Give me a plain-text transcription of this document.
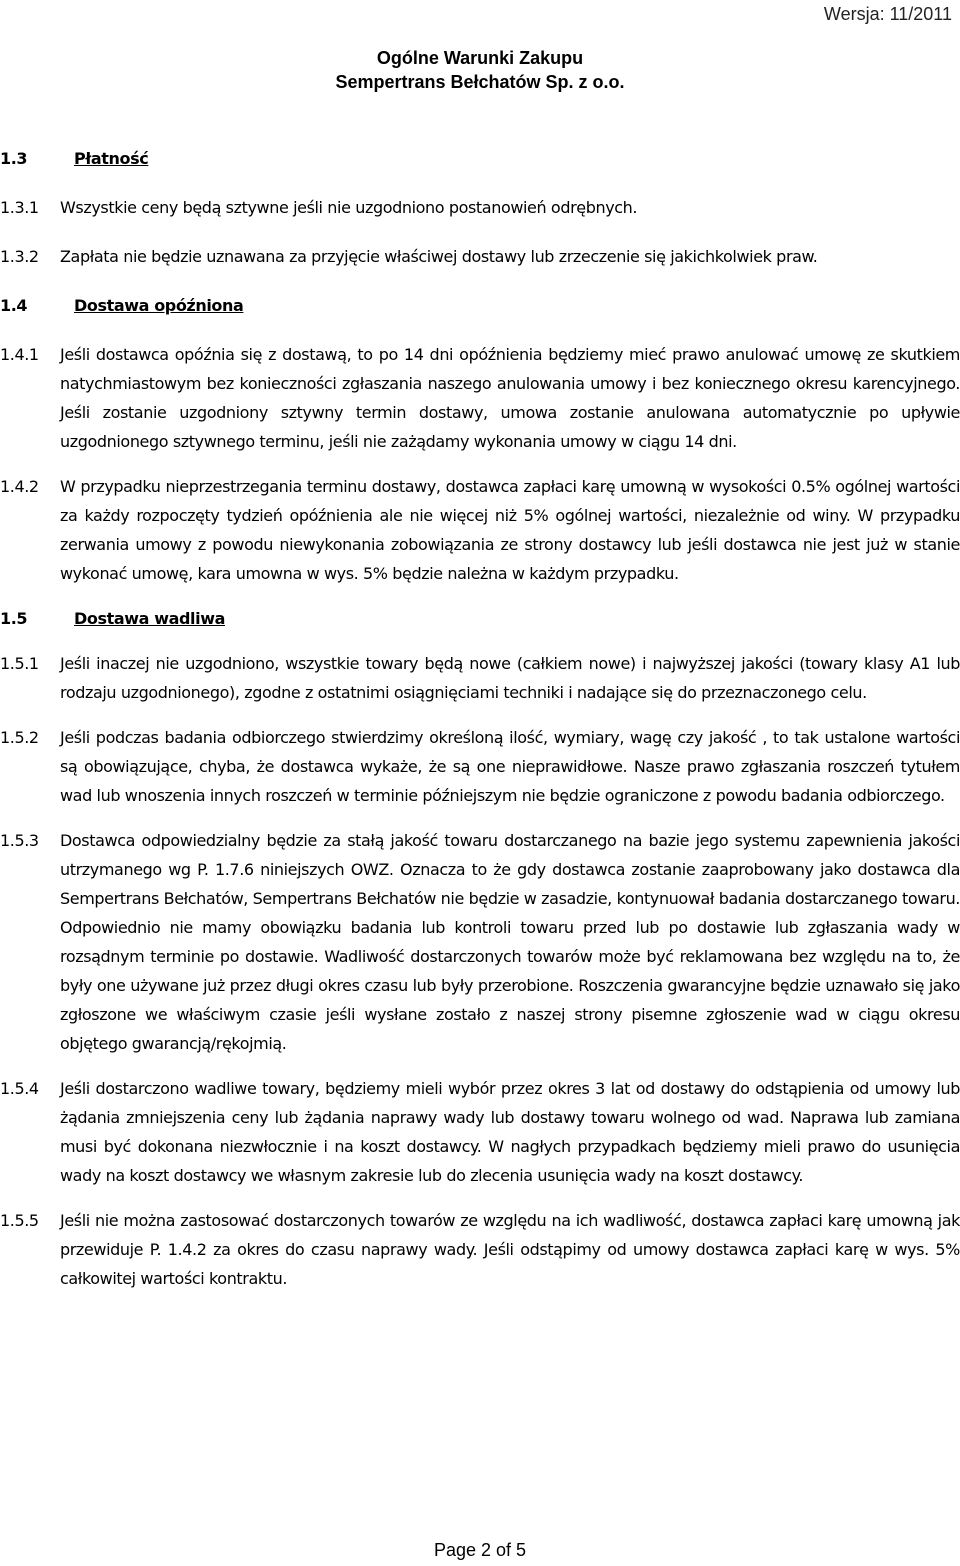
Wersja: 11/2011
Ogólne Warunki Zakupu
Sempertrans Bełchatów Sp. z o.o.
1.3	Płatność
1.3.1 Wszystkie ceny będą sztywne jeśli nie uzgodniono postanowień odrębnych.
1.3.2 Zapłata nie będzie uznawana za przyjęcie właściwej dostawy lub zrzeczenie się jakichkolwiek praw.
1.4	Dostawa opóźniona
1.4.1 Jeśli dostawca opóźnia się z dostawą, to po 14 dni opóźnienia będziemy mieć prawo anulować umowę ze skutkiem natychmiastowym bez konieczności zgłaszania naszego anulowania umowy i bez koniecznego okresu karencyjnego. Jeśli zostanie uzgodniony sztywny termin dostawy, umowa zostanie anulowana automatycznie po upływie uzgodnionego sztywnego terminu, jeśli nie zażądamy wykonania umowy w ciągu 14 dni.
1.4.2 W przypadku nieprzestrzegania terminu dostawy, dostawca zapłaci karę umowną w wysokości 0.5% ogólnej wartości za każdy rozpoczęty tydzień opóźnienia ale nie więcej niż 5% ogólnej wartości, niezależnie od winy. W przypadku zerwania umowy z powodu niewykonania zobowiązania ze strony dostawcy lub jeśli dostawca nie jest już w stanie wykonać umowę, kara umowna w wys. 5% będzie należna w każdym przypadku.
1.5	Dostawa wadliwa
1.5.1 Jeśli inaczej nie uzgodniono, wszystkie towary będą nowe (całkiem nowe) i najwyższej jakości (towary klasy A1 lub rodzaju uzgodnionego), zgodne z ostatnimi osiągnięciami techniki i nadające się do przeznaczonego celu.
1.5.2 Jeśli podczas badania odbiorczego stwierdzimy określoną ilość, wymiary, wagę czy jakość , to tak ustalone wartości są obowiązujące, chyba, że dostawca wykaże, że są one nieprawidłowe. Nasze prawo zgłaszania roszczeń tytułem wad lub wnoszenia innych roszczeń w terminie późniejszym nie będzie ograniczone z powodu badania odbiorczego.
1.5.3 Dostawca odpowiedzialny będzie za stałą jakość towaru dostarczanego na bazie jego systemu zapewnienia jakości utrzymanego wg P. 1.7.6 niniejszych OWZ. Oznacza to że gdy dostawca zostanie zaaprobowany jako dostawca dla Sempertrans Bełchatów, Sempertrans Bełchatów nie będzie w zasadzie, kontynuował badania dostarczanego towaru. Odpowiednio nie mamy obowiązku badania lub kontroli towaru przed lub po dostawie lub zgłaszania wady w rozsądnym terminie po dostawie. Wadliwość dostarczonych towarów może być reklamowana bez względu na to, że były one używane już przez długi okres czasu lub były przerobione. Roszczenia gwarancyjne będzie uznawało się jako zgłoszone we właściwym czasie jeśli wysłane zostało z naszej strony pisemne zgłoszenie wad w ciągu okresu objętego gwarancją/rękojmią.
1.5.4 Jeśli dostarczono wadliwe towary, będziemy mieli wybór przez okres 3 lat od dostawy do odstąpienia od umowy lub żądania zmniejszenia ceny lub żądania naprawy wady lub dostawy towaru wolnego od wad. Naprawa lub zamiana musi być dokonana niezwłocznie i na koszt dostawcy. W nagłych przypadkach będziemy mieli prawo do usunięcia wady na koszt dostawcy we własnym zakresie lub do zlecenia usunięcia wady na koszt dostawcy.
1.5.5 Jeśli nie można zastosować dostarczonych towarów ze względu na ich wadliwość, dostawca zapłaci karę umowną jak przewiduje P. 1.4.2 za okres do czasu naprawy wady. Jeśli odstąpimy od umowy dostawca zapłaci karę w wys. 5% całkowitej wartości kontraktu.
Page 2 of 5
